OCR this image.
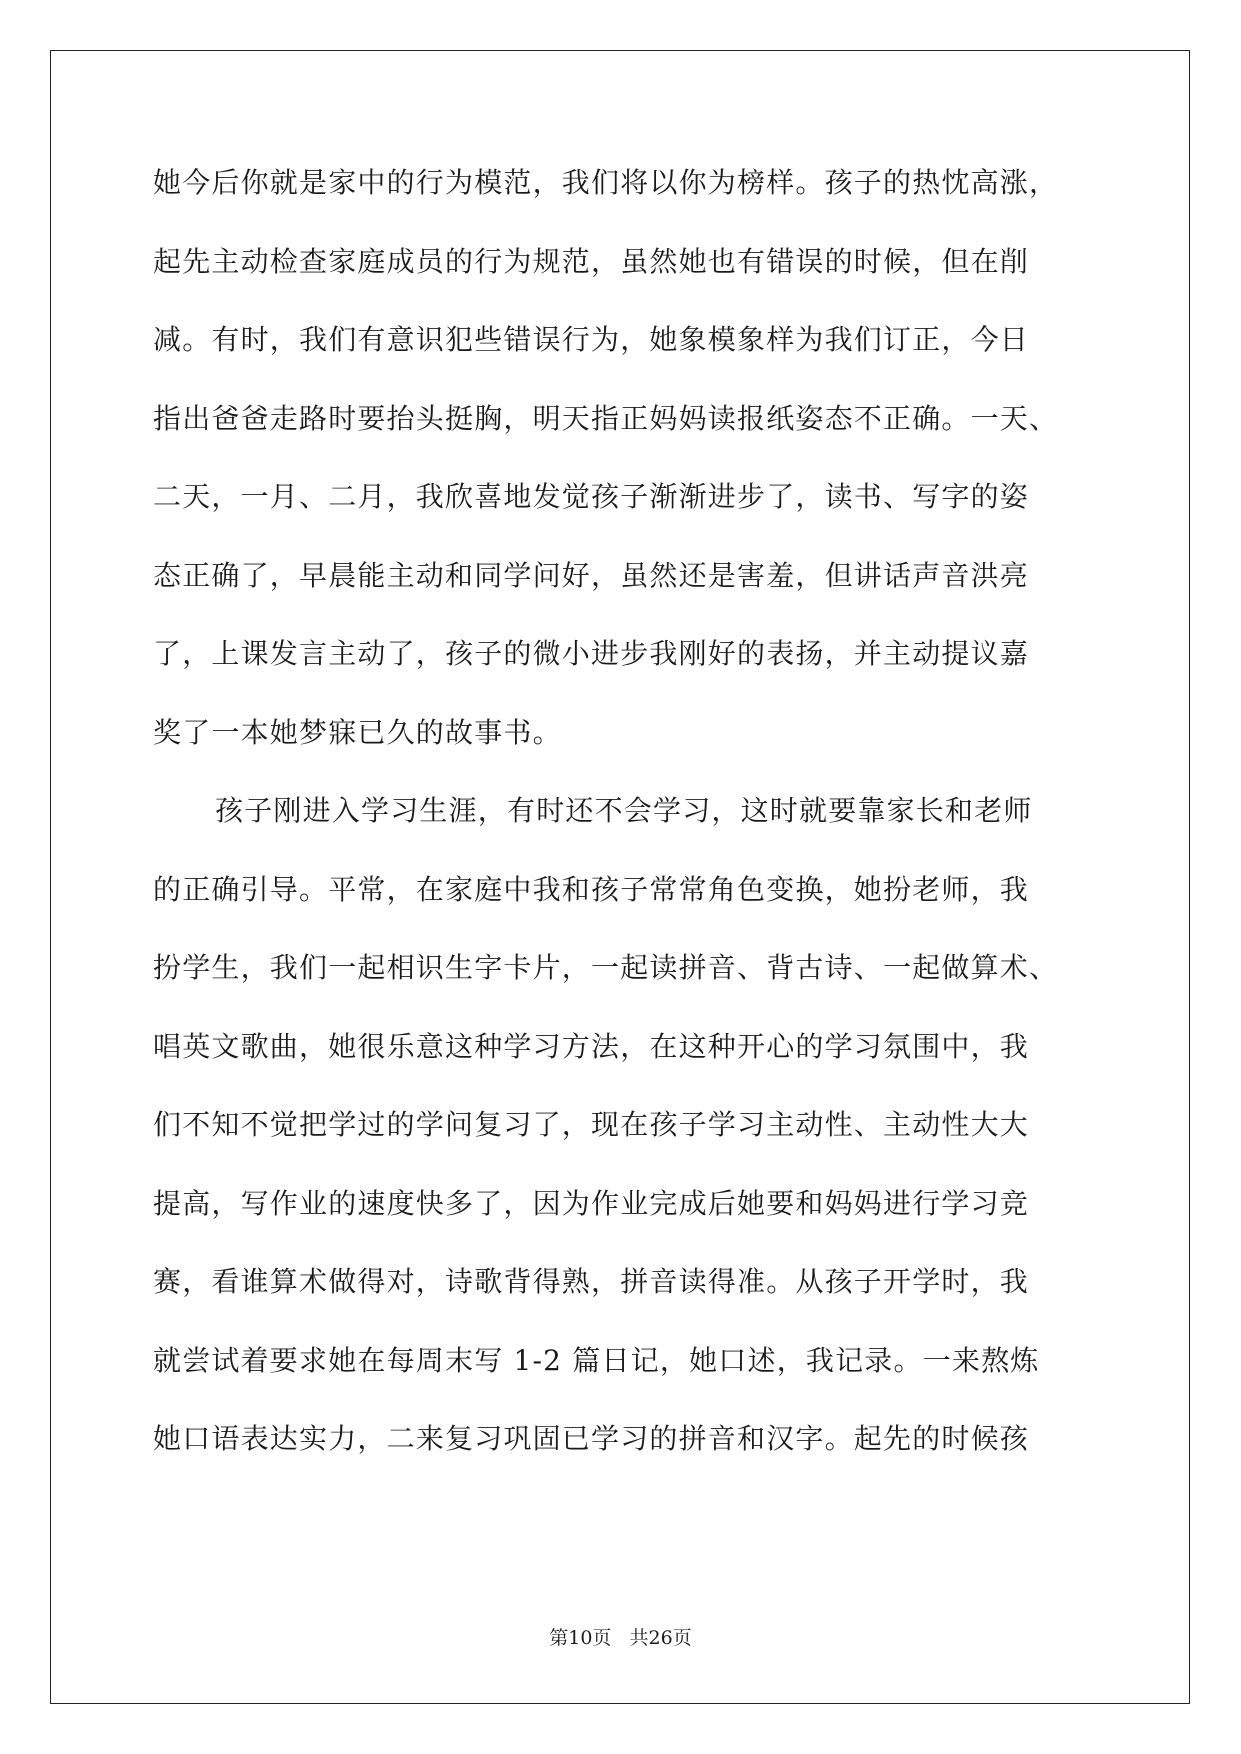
她今后你就是家中的行为模范，我们将以你为榜样。孩子的热忱高涨，
起先主动检查家庭成员的行为规范，虽然她也有错误的时候，但在削
减。有时，我们有意识犯些错误行为，她象模象样为我们订正，今日
指出爸爸走路时要抬头挺胸，明天指正妈妈读报纸姿态不正确。一天、
二天，一月、二月，我欣喜地发觉孩子渐渐进步了，读书、写字的姿
态正确了，早晨能主动和同学问好，虽然还是害羞，但讲话声音洪亮
了，上课发言主动了，孩子的微小进步我刚好的表扬，并主动提议嘉
奖了一本她梦寐已久的故事书。
孩子刚进入学习生涯，有时还不会学习，这时就要靠家长和老师
的正确引导。平常，在家庭中我和孩子常常角色变换，她扮老师，我
扮学生，我们一起相识生字卡片，一起读拼音、背古诗、一起做算术、
唱英文歌曲，她很乐意这种学习方法，在这种开心的学习氛围中，我
们不知不觉把学过的学问复习了，现在孩子学习主动性、主动性大大
提高，写作业的速度快多了，因为作业完成后她要和妈妈进行学习竞
赛，看谁算术做得对，诗歌背得熟，拼音读得准。从孩子开学时，我
就尝试着要求她在每周末写 1-2 篇日记，她口述，我记录。一来熬炼
她口语表达实力，二来复习巩固已学习的拼音和汉字。起先的时候孩
第10页   共26页
